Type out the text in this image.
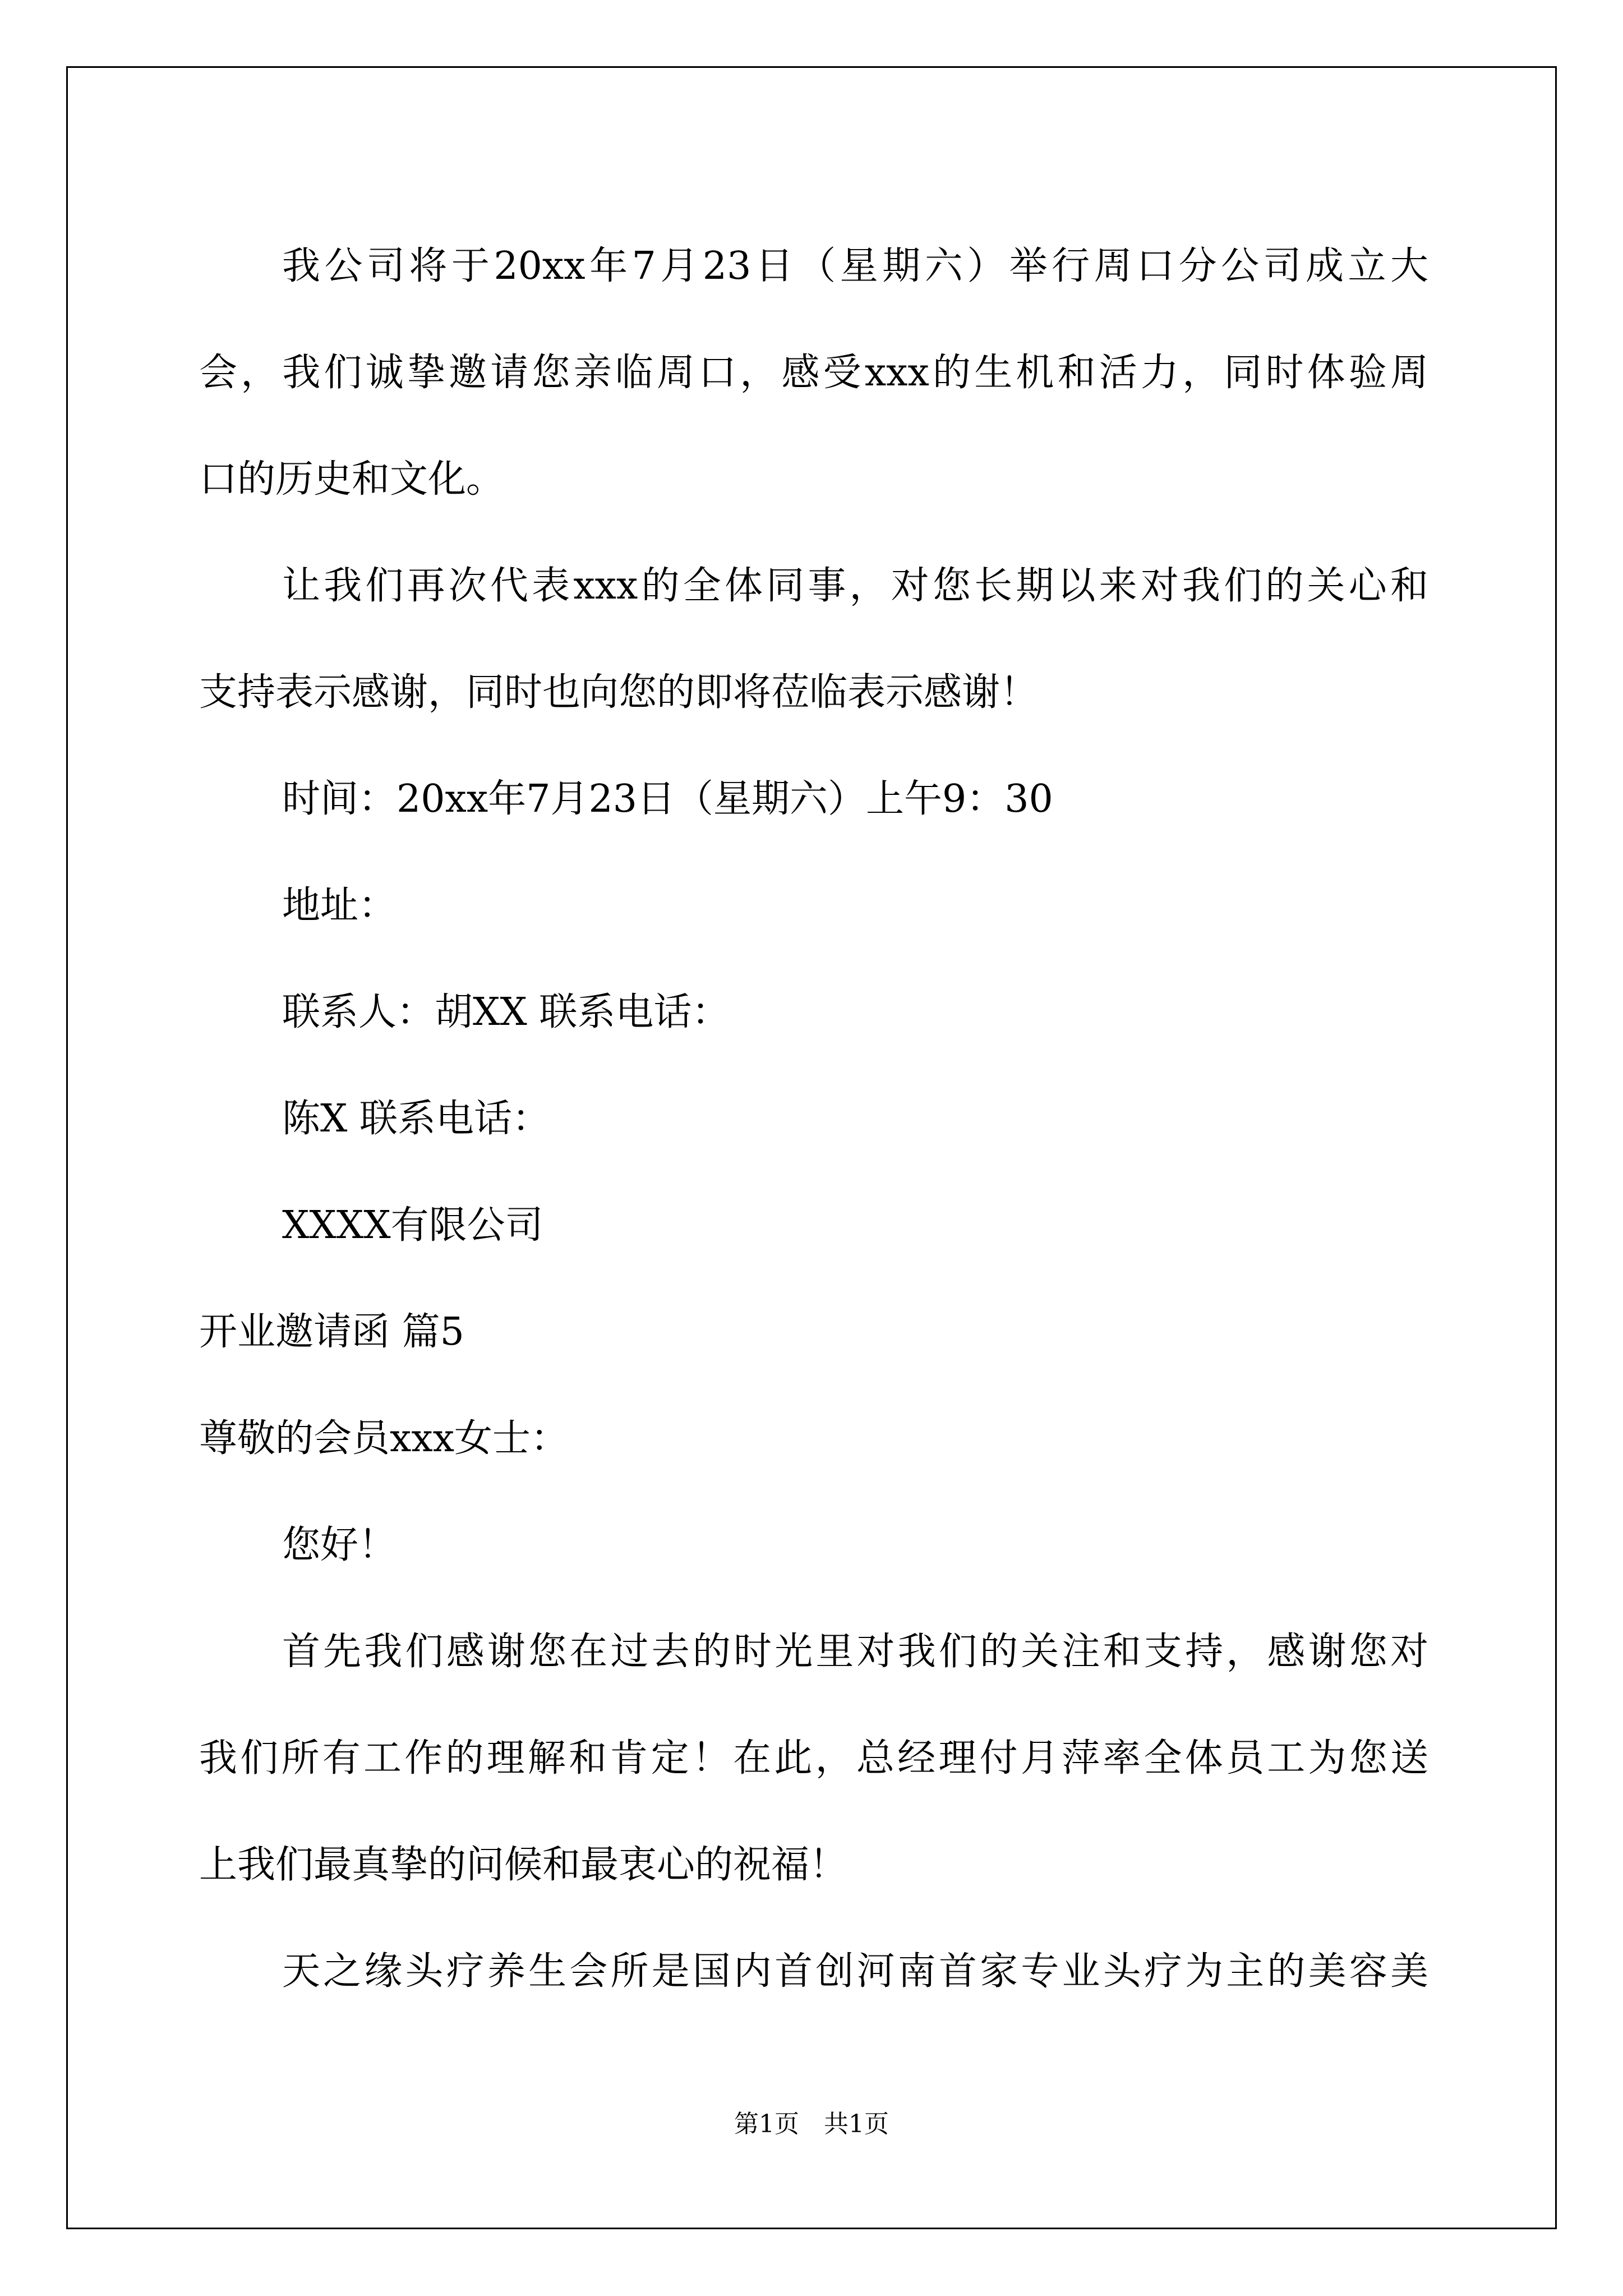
我公司将于20xx年7月23日（星期六）举行周口分公司成立大
会，我们诚挚邀请您亲临周口，感受xxx的生机和活力，同时体验周
口的历史和文化。
让我们再次代表xxx的全体同事，对您长期以来对我们的关心和
支持表示感谢，同时也向您的即将莅临表示感谢！
时间：20xx年7月23日（星期六）上午9：30
地址：
联系人：胡XX 联系电话：
陈X 联系电话：
XXXX有限公司
开业邀请函 篇5
尊敬的会员xxx女士：
您好！
首先我们感谢您在过去的时光里对我们的关注和支持，感谢您对
我们所有工作的理解和肯定！在此，总经理付月萍率全体员工为您送
上我们最真挚的问候和最衷心的祝福！
天之缘头疗养生会所是国内首创河南首家专业头疗为主的美容美
第1页 共1页
